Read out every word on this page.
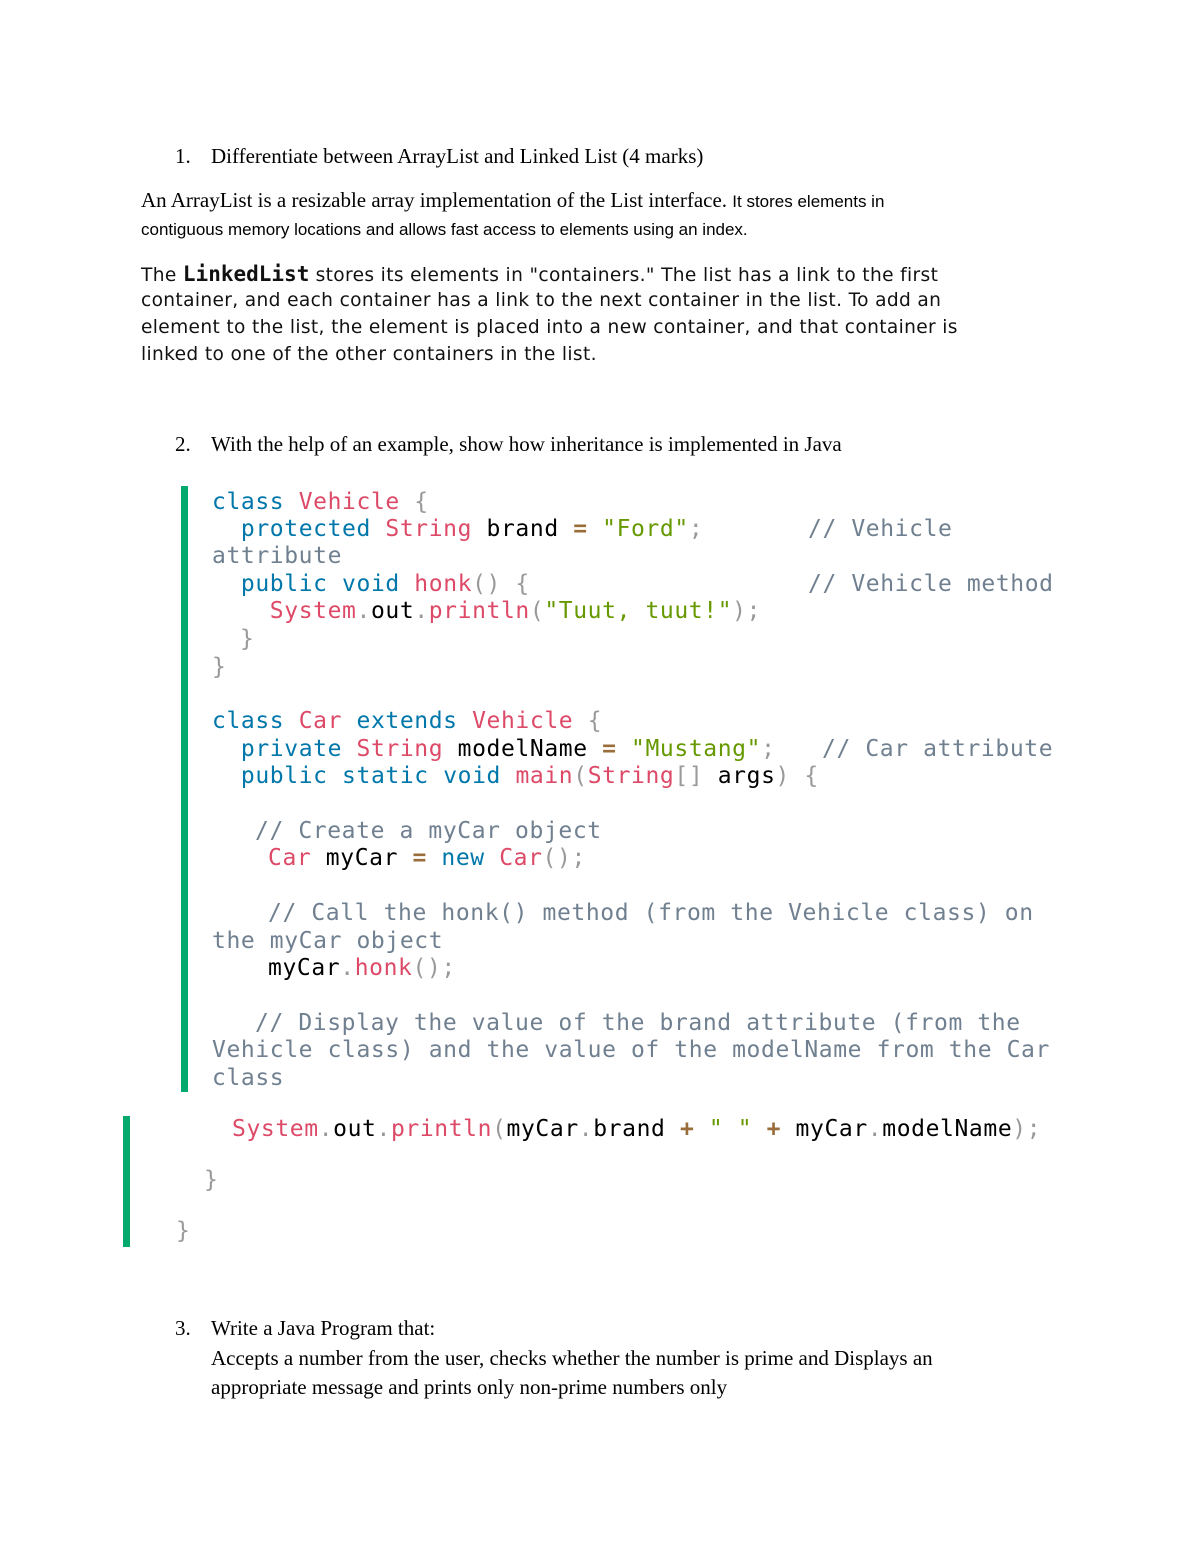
1. Differentiate between ArrayList and Linked List (4 marks)
An ArrayList is a resizable array implementation of the List interface. It stores elements in
contiguous memory locations and allows fast access to elements using an index.
The LinkedList stores its elements in "containers." The list has a link to the first
container, and each container has a link to the next container in the list. To add an
element to the list, the element is placed into a new container, and that container is
linked to one of the other containers in the list.
2. With the help of an example, show how inheritance is implemented in Java
class Vehicle {
protected String brand = "Ford";	// Vehicle
attribute
public void honk() {	// Vehicle method
System.out.println("Tuut, tuut!");
}
}
class Car extends Vehicle {
private String modelName = "Mustang"; // Car attribute
public static void main(String[] args) {
// Create a myCar object
Car myCar = new Car();
// Call the honk() method (from the Vehicle class) on
the myCar object
myCar.honk();
// Display the value of the brand attribute (from the
Vehicle class) and the value of the modelName from the Car
class
System.out.println(myCar.brand + " " + myCar.modelName);
}
}
3. Write a Java Program that:
Accepts a number from the user, checks whether the number is prime and Displays an
appropriate message and prints only non-prime numbers only
